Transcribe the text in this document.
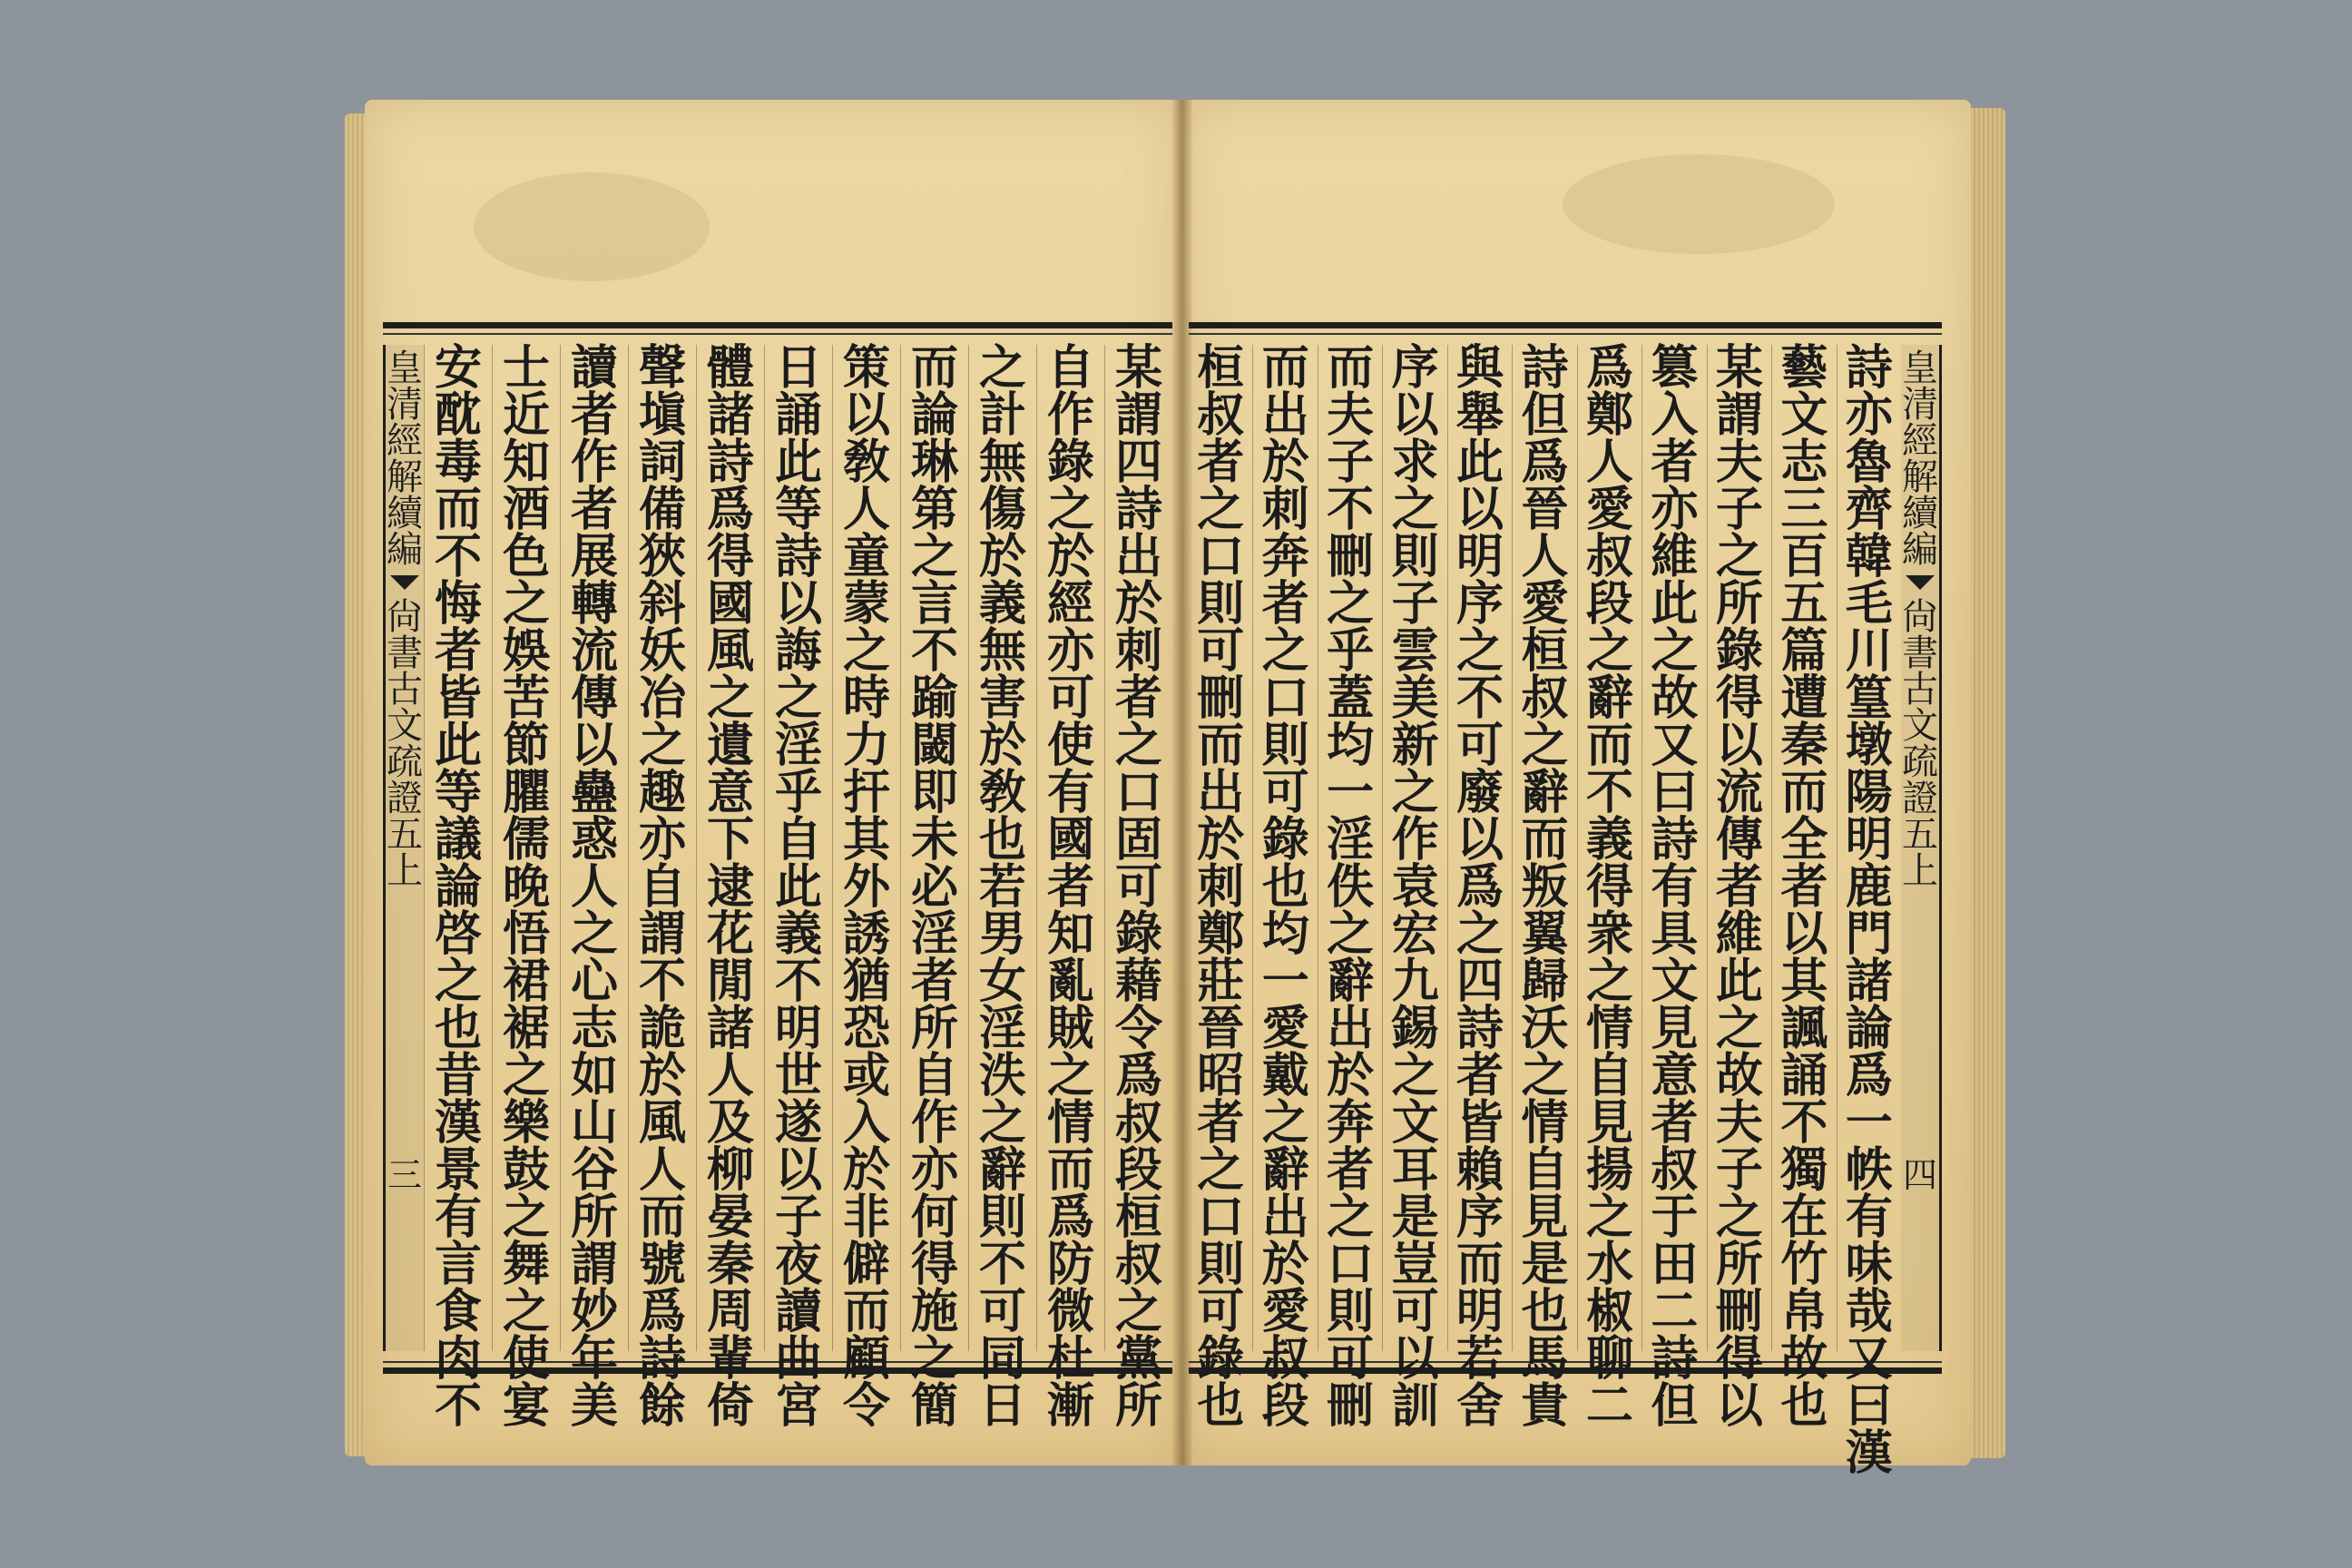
某
謂
四
詩
出
於
刺
者
之
口
固
可
錄
藉
令
爲
叔
段
桓
叔
之
黨
所
自
作
錄
之
於
經
亦
可
使
有
國
者
知
亂
賊
之
情
而
爲
防
微
杜
漸
之
計
無
傷
於
義
無
害
於
敎
也
若
男
女
淫
泆
之
辭
則
不
可
同
日
而
論
琳
第
之
言
不
踰
閾
即
未
必
淫
者
所
自
作
亦
何
得
施
之
簡
策
以
敎
人
童
蒙
之
時
力
扞
其
外
誘
猶
恐
或
入
於
非
僻
而
顧
令
日
誦
此
等
詩
以
誨
之
淫
乎
自
此
義
不
明
世
遂
以
子
夜
讀
曲
宮
體
諸
詩
爲
得
國
風
之
遺
意
下
逮
花
閒
諸
人
及
柳
晏
秦
周
輩
倚
聲
塡
詞
備
狹
斜
妖
冶
之
趣
亦
自
謂
不
詭
於
風
人
而
號
爲
詩
餘
讀
者
作
者
展
轉
流
傳
以
蠱
惑
人
之
心
志
如
山
谷
所
謂
妙
年
美
士
近
知
酒
色
之
娛
苦
節
臞
儒
晚
悟
裙
裾
之
樂
鼓
之
舞
之
使
宴
安
酖
毒
而
不
悔
者
皆
此
等
議
論
啓
之
也
昔
漢
景
有
言
食
肉
不
皇
清
經
解
續
編
尙
書
古
文
疏
證
五
上
三
皇
清
經
解
續
編
尙
書
古
文
疏
證
五
上
四
詩
亦
魯
齊
韓
毛
川
篁
墩
陽
明
鹿
門
諸
論
爲
一
帙
有
味
哉
又
曰
漢
藝
文
志
三
百
五
篇
遭
秦
而
全
者
以
其
諷
誦
不
獨
在
竹
帛
故
也
某
謂
夫
子
之
所
錄
得
以
流
傳
者
維
此
之
故
夫
子
之
所
刪
得
以
篡
入
者
亦
維
此
之
故
又
曰
詩
有
具
文
見
意
者
叔
于
田
二
詩
但
爲
鄭
人
愛
叔
段
之
辭
而
不
義
得
衆
之
情
自
見
揚
之
水
椒
聊
二
詩
但
爲
晉
人
愛
桓
叔
之
辭
而
叛
翼
歸
沃
之
情
自
見
是
也
馬
貴
與
舉
此
以
明
序
之
不
可
廢
以
爲
之
四
詩
者
皆
賴
序
而
明
若
舍
序
以
求
之
則
子
雲
美
新
之
作
袁
宏
九
錫
之
文
耳
是
豈
可
以
訓
而
夫
子
不
刪
之
乎
蓋
均
一
淫
佚
之
辭
出
於
奔
者
之
口
則
可
刪
而
出
於
刺
奔
者
之
口
則
可
錄
也
均
一
愛
戴
之
辭
出
於
愛
叔
段
桓
叔
者
之
口
則
可
刪
而
出
於
刺
鄭
莊
晉
昭
者
之
口
則
可
錄
也
